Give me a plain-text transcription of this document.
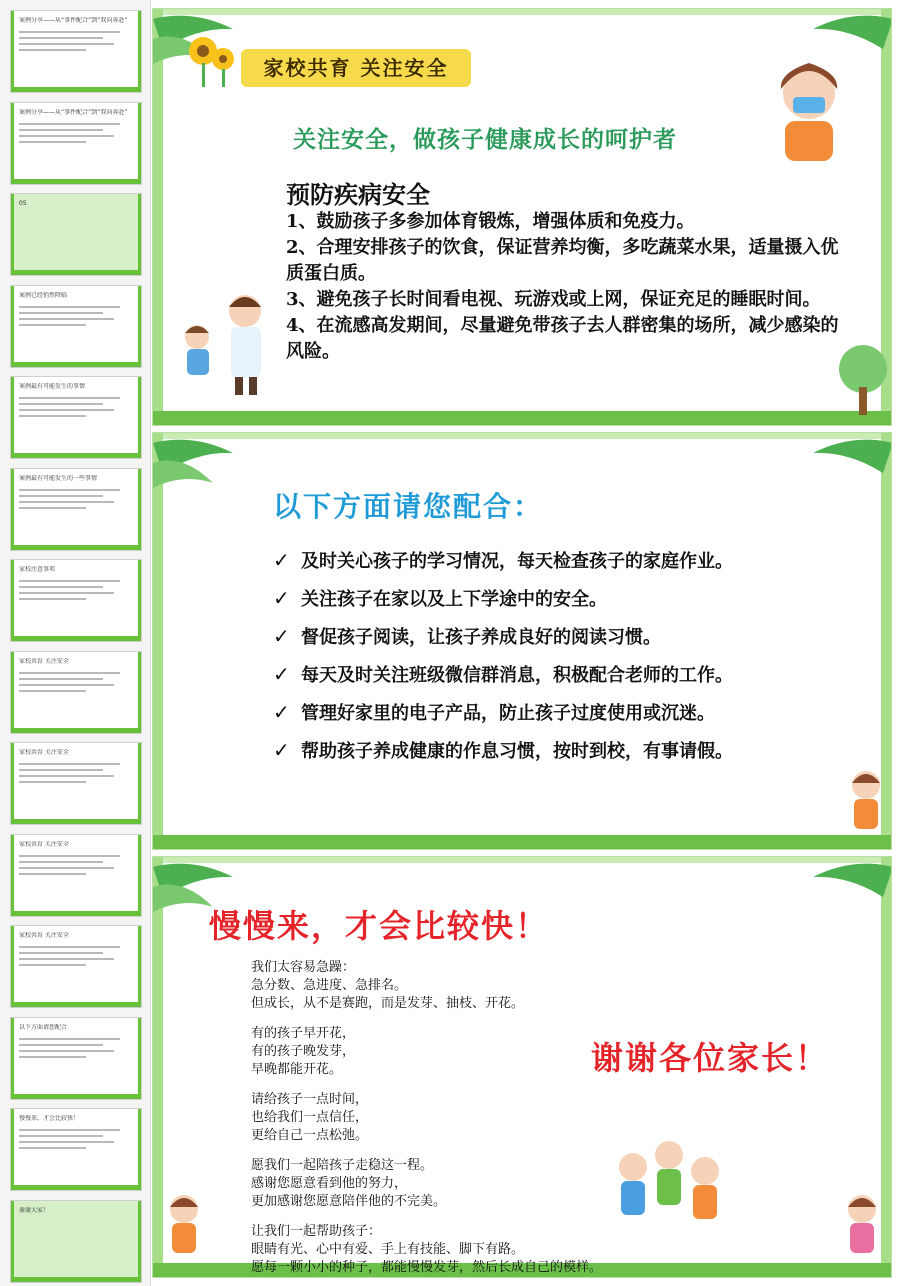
案例分享——从“事件配合”到“双向奔赴”
案例分享——从“事件配合”到“双向奔赴”
05
案例已经悄然降临
案例最有可能发生的事情
案例最有可能发生的一些事情
家校注意事项
家校共育 关注安全
家校共育 关注安全
家校共育 关注安全
家校共育 关注安全
以下方面请您配合
慢慢来，才会比较快！
谢谢大家！
家校共育 关注安全
关注安全，做孩子健康成长的呵护者
预防疾病安全
1、鼓励孩子多参加体育锻炼，增强体质和免疫力。
2、合理安排孩子的饮食，保证营养均衡，多吃蔬菜水果，适量摄入优质蛋白质。
3、避免孩子长时间看电视、玩游戏或上网，保证充足的睡眠时间。
4、在流感高发期间，尽量避免带孩子去人群密集的场所，减少感染的风险。
以下方面请您配合：
✓ 及时关心孩子的学习情况，每天检查孩子的家庭作业。
✓ 关注孩子在家以及上下学途中的安全。
✓ 督促孩子阅读，让孩子养成良好的阅读习惯。
✓ 每天及时关注班级微信群消息，积极配合老师的工作。
✓ 管理好家里的电子产品，防止孩子过度使用或沉迷。
✓ 帮助孩子养成健康的作息习惯，按时到校，有事请假。
慢慢来，才会比较快！
谢谢各位家长！
我们太容易急躁：
急分数、急进度、急排名。
但成长，从不是赛跑，而是发芽、抽枝、开花。
有的孩子早开花，
有的孩子晚发芽，
早晚都能开花。
请给孩子一点时间，
也给我们一点信任，
更给自己一点松弛。
愿我们一起陪孩子走稳这一程。
感谢您愿意看到他的努力，
更加感谢您愿意陪伴他的不完美。
让我们一起帮助孩子：
眼睛有光、心中有爱、手上有技能、脚下有路。
愿每一颗小小的种子，都能慢慢发芽，然后长成自己的模样。
